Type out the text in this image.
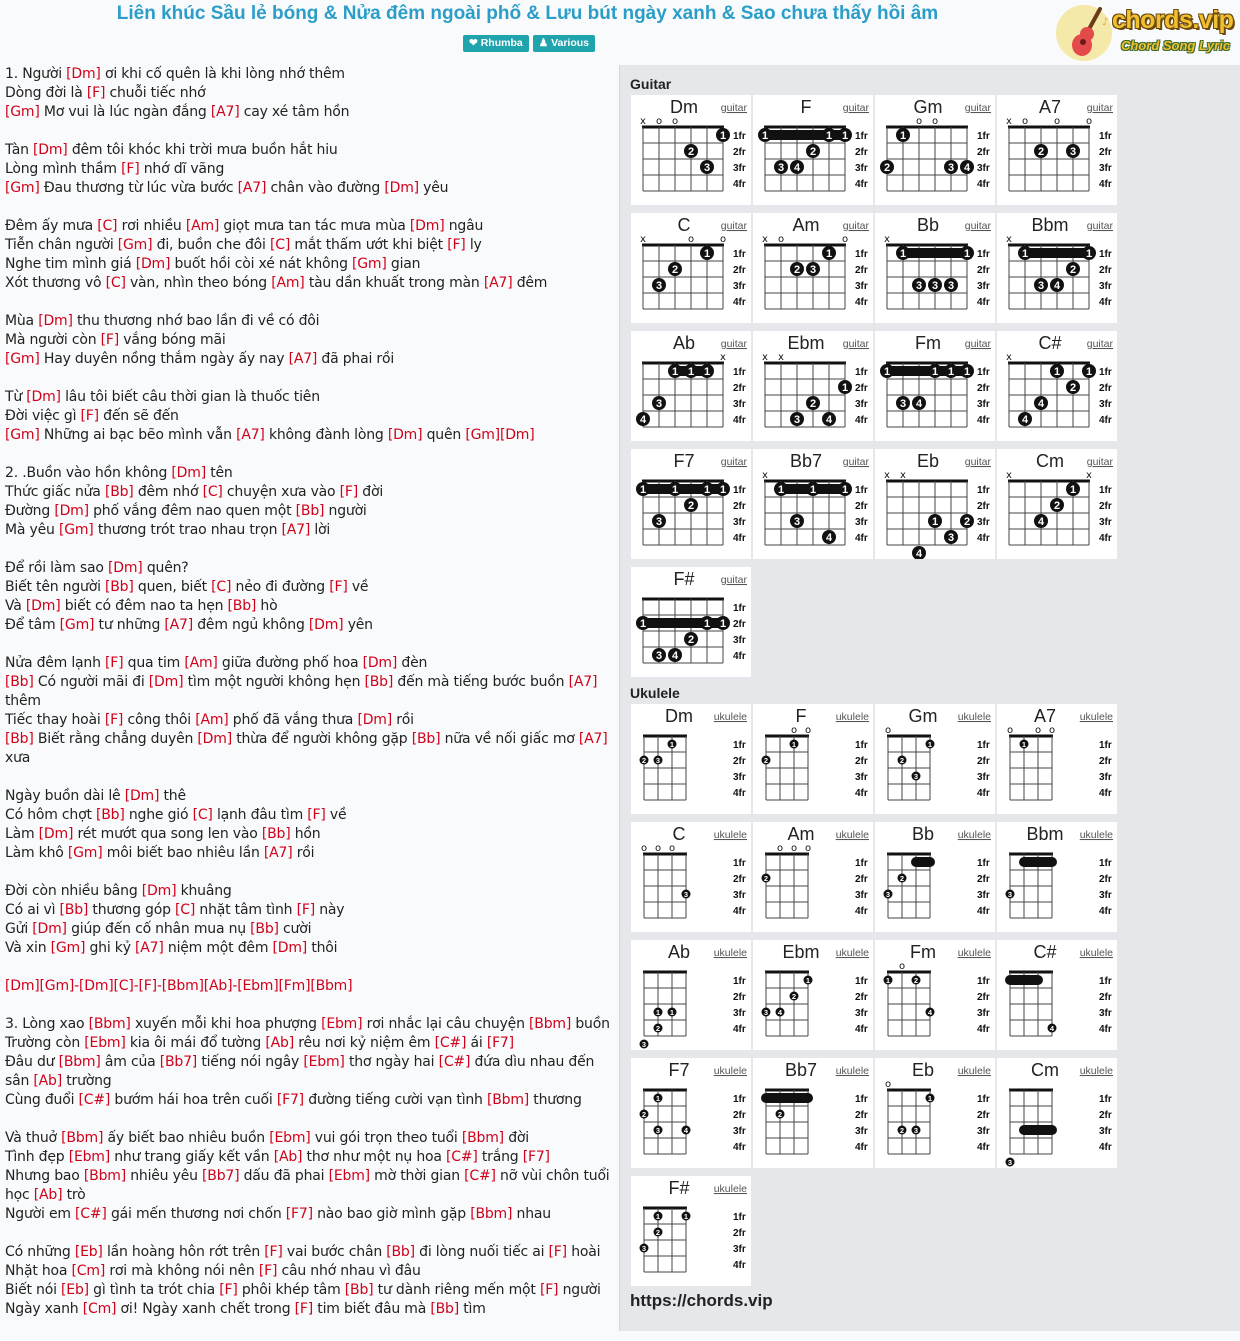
Liên khúc Sầu lẻ bóng & Nửa đêm ngoài phố & Lưu bút ngày xanh & Sao chưa thấy hồi âm
❤ Rhumba	♟ Various
♪ chords.vip
Chord Song Lyric
1. Người [Dm] ơi khi cố quên là khi lòng nhớ thêm
Dòng đời là [F] chuỗi tiếc nhớ
[Gm] Mơ vui là lúc ngàn đắng [A7] cay xé tâm hồn
Tàn [Dm] đêm tôi khóc khi trời mưa buồn hắt hiu
Lòng mình thầm [F] nhớ dĩ vãng
[Gm] Đau thương từ lúc vừa bước [A7] chân vào đường [Dm] yêu
Đêm ấy mưa [C] rơi nhiều [Am] giọt mưa tan tác mưa mùa [Dm] ngâu
Tiễn chân người [Gm] đi, buồn che đôi [C] mắt thấm ướt khi biệt [F] ly
Nghe tim mình giá [Dm] buốt hồi còi xé nát không [Gm] gian
Xót thương vô [C] vàn, nhìn theo bóng [Am] tàu dần khuất trong màn [A7] đêm
Mùa [Dm] thu thương nhớ bao lần đi về có đôi
Mà người còn [F] vắng bóng mãi
[Gm] Hay duyên nồng thắm ngày ấy nay [A7] đã phai rồi
Từ [Dm] lâu tôi biết câu thời gian là thuốc tiên
Đời việc gì [F] đến sẽ đến
[Gm] Những ai bạc bẽo mình vẫn [A7] không đành lòng [Dm] quên [Gm][Dm]
2. .Buồn vào hồn không [Dm] tên
Thức giấc nửa [Bb] đêm nhớ [C] chuyện xưa vào [F] đời
Đường [Dm] phố vắng đêm nao quen một [Bb] người
Mà yêu [Gm] thương trót trao nhau trọn [A7] lời
Để rồi làm sao [Dm] quên?
Biết tên người [Bb] quen, biết [C] nẻo đi đường [F] về
Và [Dm] biết có đêm nao ta hẹn [Bb] hò
Để tâm [Gm] tư những [A7] đêm ngủ không [Dm] yên
Nửa đêm lạnh [F] qua tim [Am] giữa đường phố hoa [Dm] đèn
[Bb] Có người mãi đi [Dm] tìm một người không hẹn [Bb] đến mà tiếng bước buồn [A7] thêm
Tiếc thay hoài [F] công thôi [Am] phố đã vắng thưa [Dm] rồi
[Bb] Biết rằng chẳng duyên [Dm] thừa để người không gặp [Bb] nữa về nối giấc mơ [A7] xưa
Ngày buồn dài lê [Dm] thê
Có hôm chợt [Bb] nghe gió [C] lạnh đâu tìm [F] về
Làm [Dm] rét mướt qua song len vào [Bb] hồn
Làm khô [Gm] môi biết bao nhiêu lần [A7] rồi
Đời còn nhiều bâng [Dm] khuâng
Có ai vì [Bb] thương góp [C] nhặt tâm tình [F] này
Gửi [Dm] giúp đến cố nhân mua nụ [Bb] cười
Và xin [Gm] ghi kỷ [A7] niệm một đêm [Dm] thôi
[Dm][Gm]-[Dm][C]-[F]-[Bbm][Ab]-[Ebm][Fm][Bbm]
3. Lòng xao [Bbm] xuyến mỗi khi hoa phượng [Ebm] rơi nhắc lại câu chuyện [Bbm] buồn
Trường còn [Ebm] kia ôi mái đổ tường [Ab] rêu nơi kỷ niệm êm [C#] ái [F7]
Đâu dư [Bbm] âm của [Bb7] tiếng nói ngây [Ebm] thơ ngày hai [C#] đứa dìu nhau đến sân [Ab] trường
Cùng đuổi [C#] bướm hái hoa trên cuối [F7] đường tiếng cười vạn tình [Bbm] thương
Và thuở [Bbm] ấy biết bao nhiêu buồn [Ebm] vui gói trọn theo tuổi [Bbm] đời
Tình đẹp [Ebm] như trang giấy kết vần [Ab] thơ như một nụ hoa [C#] trắng [F7]
Nhưng bao [Bbm] nhiêu yêu [Bb7] dấu đã phai [Ebm] mờ thời gian [C#] nỡ vùi chôn tuổi học [Ab] trò
Người em [C#] gái mến thương nơi chốn [F7] nào bao giờ mình gặp [Bbm] nhau
Có những [Eb] lần hoàng hôn rớt trên [F] vai bước chân [Bb] đi lòng nuối tiếc ai [F] hoài
Nhặt hoa [Cm] rơi mà không nói nên [F] câu nhớ nhau vì đâu
Biết nói [Eb] gì tình ta trót chia [F] phôi khép tâm [Bb] tư dành riêng mến một [F] người
Ngày xanh [Cm] ơi! Ngày xanh chết trong [F] tim biết đâu mà [Bb] tìm
Guitar
Ukulele
Dm guitar
1fr
2fr
3fr
4fr
x o o
1
2
3
F	guitar
1fr
2fr
3fr
4fr
1	1 1
2
3 4
Gm guitar
1fr
2fr
3fr
4fr
o o
1
2	3 4
A7 guitar
1fr
2fr
3fr
4fr
x o	o	o
2 3
C	guitar
1fr
2fr
3fr
4fr
x	o	o
1
2
3
Am guitar
1fr
2fr
3fr
4fr
x o	o
1
2 3
Bb guitar
1fr
2fr
3fr
4fr
x
1	1
3 3 3
Bbm guitar
1fr
2fr
3fr
4fr
x
1	1
2
3 4
Ab guitar
1fr
2fr
3fr
4fr
x
1 1 1
3
4
Ebm guitar
1fr
2fr
3fr
4fr
x x
1
2
3 4
Fm guitar
1fr
2fr
3fr
4fr
1	1 1 1
3 4
C# guitar
1fr
2fr
3fr
4fr
x
1 1
2
4
4
F7 guitar
1fr
2fr
3fr
4fr
1 1 1 1
2
3
Bb7 guitar
1fr
2fr
3fr
4fr
x
1 1 1
3
4
Eb guitar
1fr
2fr
3fr
4fr
x x
1 2
3
4
Cm guitar
1fr
2fr
3fr
4fr
x	x
1
2
4
F# guitar
1fr
2fr
3fr
4fr
1	1 1
2
3 4
Dm ukulele
1fr
2fr
3fr
4fr
1
2 3
F	ukulele
1fr
2fr
3fr
4fr
o o
1
2
Gm ukulele
1fr
2fr
3fr
4fr
o
1
2
3
A7 ukulele
1fr
2fr
3fr
4fr
o o o
1
C	ukulele
1fr
2fr
3fr
4fr
o o o
3
Am ukulele
1fr
2fr
3fr
4fr
o o o
2
Bb ukulele
1fr
2fr
3fr
4fr
2
3
Bbm ukulele
1fr
2fr
3fr
4fr
3
Ab ukulele
1fr
2fr
3fr
4fr
1 1
2
3
Ebm ukulele
1fr
2fr
3fr
4fr
1
2
3 4
Fm ukulele
1fr
2fr
3fr
4fr
o
1	2
4
C# ukulele
1fr
2fr
3fr
4fr
4
F7 ukulele
1fr
2fr
3fr
4fr
1
2
3	4
Bb7 ukulele
1fr
2fr
3fr
4fr
2
Eb ukulele
1fr
2fr
3fr
4fr
o
1
2 3
Cm ukulele
1fr
2fr
3fr
4fr
3
F# ukulele
1fr
2fr
3fr
4fr
1	1
2
3
https://chords.vip
